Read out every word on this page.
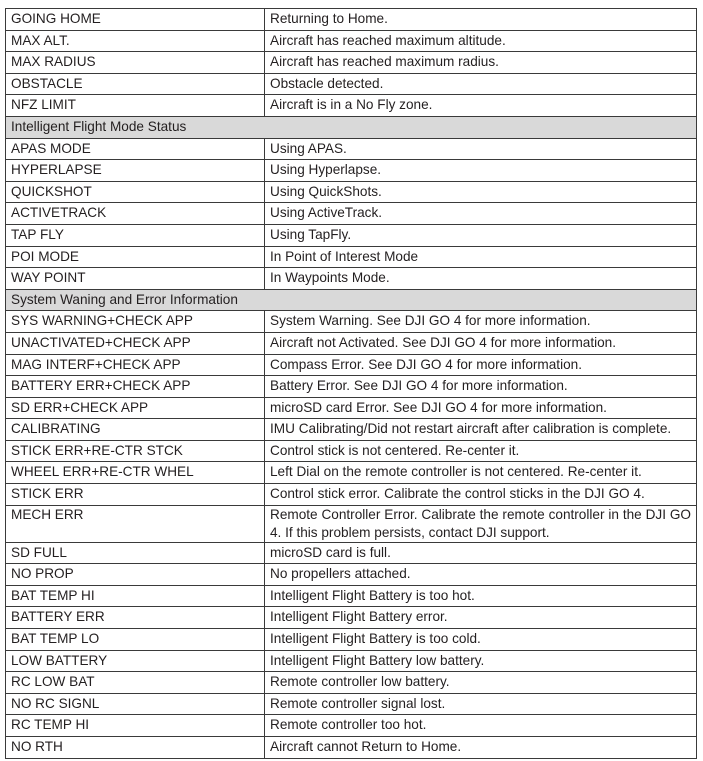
GOING HOME	Returning to Home.
MAX ALT.	Aircraft has reached maximum altitude.
MAX RADIUS	Aircraft has reached maximum radius.
OBSTACLE	Obstacle detected.
NFZ LIMIT	Aircraft is in a No Fly zone.
Intelligent Flight Mode Status	
APAS MODE	Using APAS.
HYPERLAPSE	Using Hyperlapse.
QUICKSHOT	Using QuickShots.
ACTIVETRACK	Using ActiveTrack.
TAP FLY	Using TapFly.
POI MODE	In Point of Interest Mode
WAY POINT	In Waypoints Mode.
System Waning and Error Information	
SYS WARNING+CHECK APP	System Warning. See DJI GO 4 for more information.
UNACTIVATED+CHECK APP	Aircraft not Activated. See DJI GO 4 for more information.
MAG INTERF+CHECK APP	Compass Error. See DJI GO 4 for more information.
BATTERY ERR+CHECK APP	Battery Error. See DJI GO 4 for more information.
SD ERR+CHECK APP	microSD card Error. See DJI GO 4 for more information.
CALIBRATING	IMU Calibrating/Did not restart aircraft after calibration is complete.
STICK ERR+RE-CTR STCK	Control stick is not centered. Re-center it.
WHEEL ERR+RE-CTR WHEL	Left Dial on the remote controller is not centered. Re-center it.
STICK ERR	Control stick error. Calibrate the control sticks in the DJI GO 4.
MECH ERR	Remote Controller Error. Calibrate the remote controller in the DJI GO 4. If this problem persists, contact DJI support.
SD FULL	microSD card is full.
NO PROP	No propellers attached.
BAT TEMP HI	Intelligent Flight Battery is too hot.
BATTERY ERR	Intelligent Flight Battery error.
BAT TEMP LO	Intelligent Flight Battery is too cold.
LOW BATTERY	Intelligent Flight Battery low battery.
RC LOW BAT	Remote controller low battery.
NO RC SIGNL	Remote controller signal lost.
RC TEMP HI	Remote controller too hot.
NO RTH	Aircraft cannot Return to Home.
